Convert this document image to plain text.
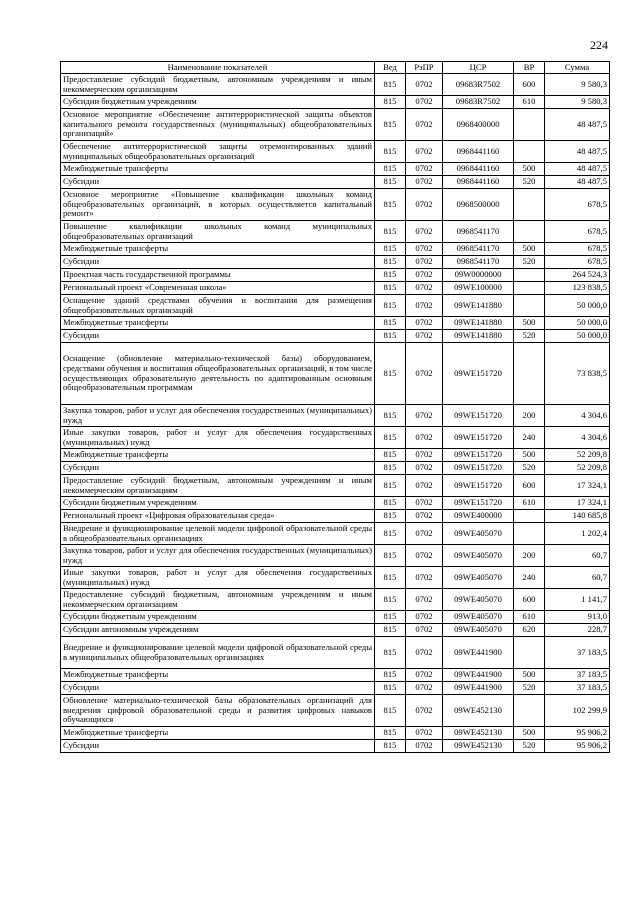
224
Наименование показателей	Вед	РзПР	ЦСР	ВР	Сумма
Предоставление субсидий бюджетным, автономным учреждениям и иным некоммерческим организациям	815	0702	09683R7502	600	9 580,3
Субсидии бюджетным учреждениям	815	0702	09683R7502	610	9 580,3
Основное мероприятие «Обеспечение антитеррористической защиты объектов капитального ремонта государственных (муниципальных) общеобразовательных организаций»	815	0702	0968400000		48 487,5
Обеспечение антитеррористической защиты отремонтированных зданий муниципальных общеобразовательных организаций	815	0702	0968441160		48 487,5
Межбюджетные трансферты	815	0702	0968441160	500	48 487,5
Субсидии	815	0702	0968441160	520	48 487,5
Основное мероприятие «Повышение квалификации школьных команд общеобразовательных организаций, в которых осуществляется капитальный ремонт»	815	0702	0968500000		678,5
Повышение квалификации школьных команд муниципальных общеобразовательных организаций	815	0702	0968541170		678,5
Межбюджетные трансферты	815	0702	0968541170	500	678,5
Субсидии	815	0702	0968541170	520	678,5
Проектная часть государственной программы	815	0702	09W0000000		264 524,3
Региональный проект «Современная школа»	815	0702	09WE100000		123 838,5
Оснащение зданий средствами обучения и воспитания для размещения общеобразовательных организаций	815	0702	09WE141880		50 000,0
Межбюджетные трансферты	815	0702	09WE141880	500	50 000,0
Субсидии	815	0702	09WE141880	520	50 000,0
Оснащение (обновление материально-технической базы) оборудованием, средствами обучения и воспитания общеобразовательных организаций, в том числе осуществляющих образовательную деятельность по адаптированным основным общеобразовательным программам	815	0702	09WE151720		73 838,5
Закупка товаров, работ и услуг для обеспечения государственных (муниципальных) нужд	815	0702	09WE151720	200	4 304,6
Иные закупки товаров, работ и услуг для обеспечения государственных (муниципальных) нужд	815	0702	09WE151720	240	4 304,6
Межбюджетные трансферты	815	0702	09WE151720	500	52 209,8
Субсидии	815	0702	09WE151720	520	52 209,8
Предоставление субсидий бюджетным, автономным учреждениям и иным некоммерческим организациям	815	0702	09WE151720	600	17 324,1
Субсидии бюджетным учреждениям	815	0702	09WE151720	610	17 324,1
Региональный проект «Цифровая образовательная среда»	815	0702	09WE400000		140 685,8
Внедрение и функционирование целевой модели цифровой образовательной среды в общеобразовательных организациях	815	0702	09WE405070		1 202,4
Закупка товаров, работ и услуг для обеспечения государственных (муниципальных) нужд	815	0702	09WE405070	200	60,7
Иные закупки товаров, работ и услуг для обеспечения государственных (муниципальных) нужд	815	0702	09WE405070	240	60,7
Предоставление субсидий бюджетным, автономным учреждениям и иным некоммерческим организациям	815	0702	09WE405070	600	1 141,7
Субсидии бюджетным учреждениям	815	0702	09WE405070	610	913,0
Субсидии автономным учреждениям	815	0702	09WE405070	620	228,7
Внедрение и функционирование целевой модели цифровой образовательной среды в муниципальных общеобразовательных организациях	815	0702	09WE441900		37 183,5
Межбюджетные трансферты	815	0702	09WE441900	500	37 183,5
Субсидии	815	0702	09WE441900	520	37 183,5
Обновление материально-технической базы образовательных организаций для внедрения цифровой образовательной среды и развития цифровых навыков обучающихся	815	0702	09WE452130		102 299,9
Межбюджетные трансферты	815	0702	09WE452130	500	95 906,2
Субсидии	815	0702	09WE452130	520	95 906,2
